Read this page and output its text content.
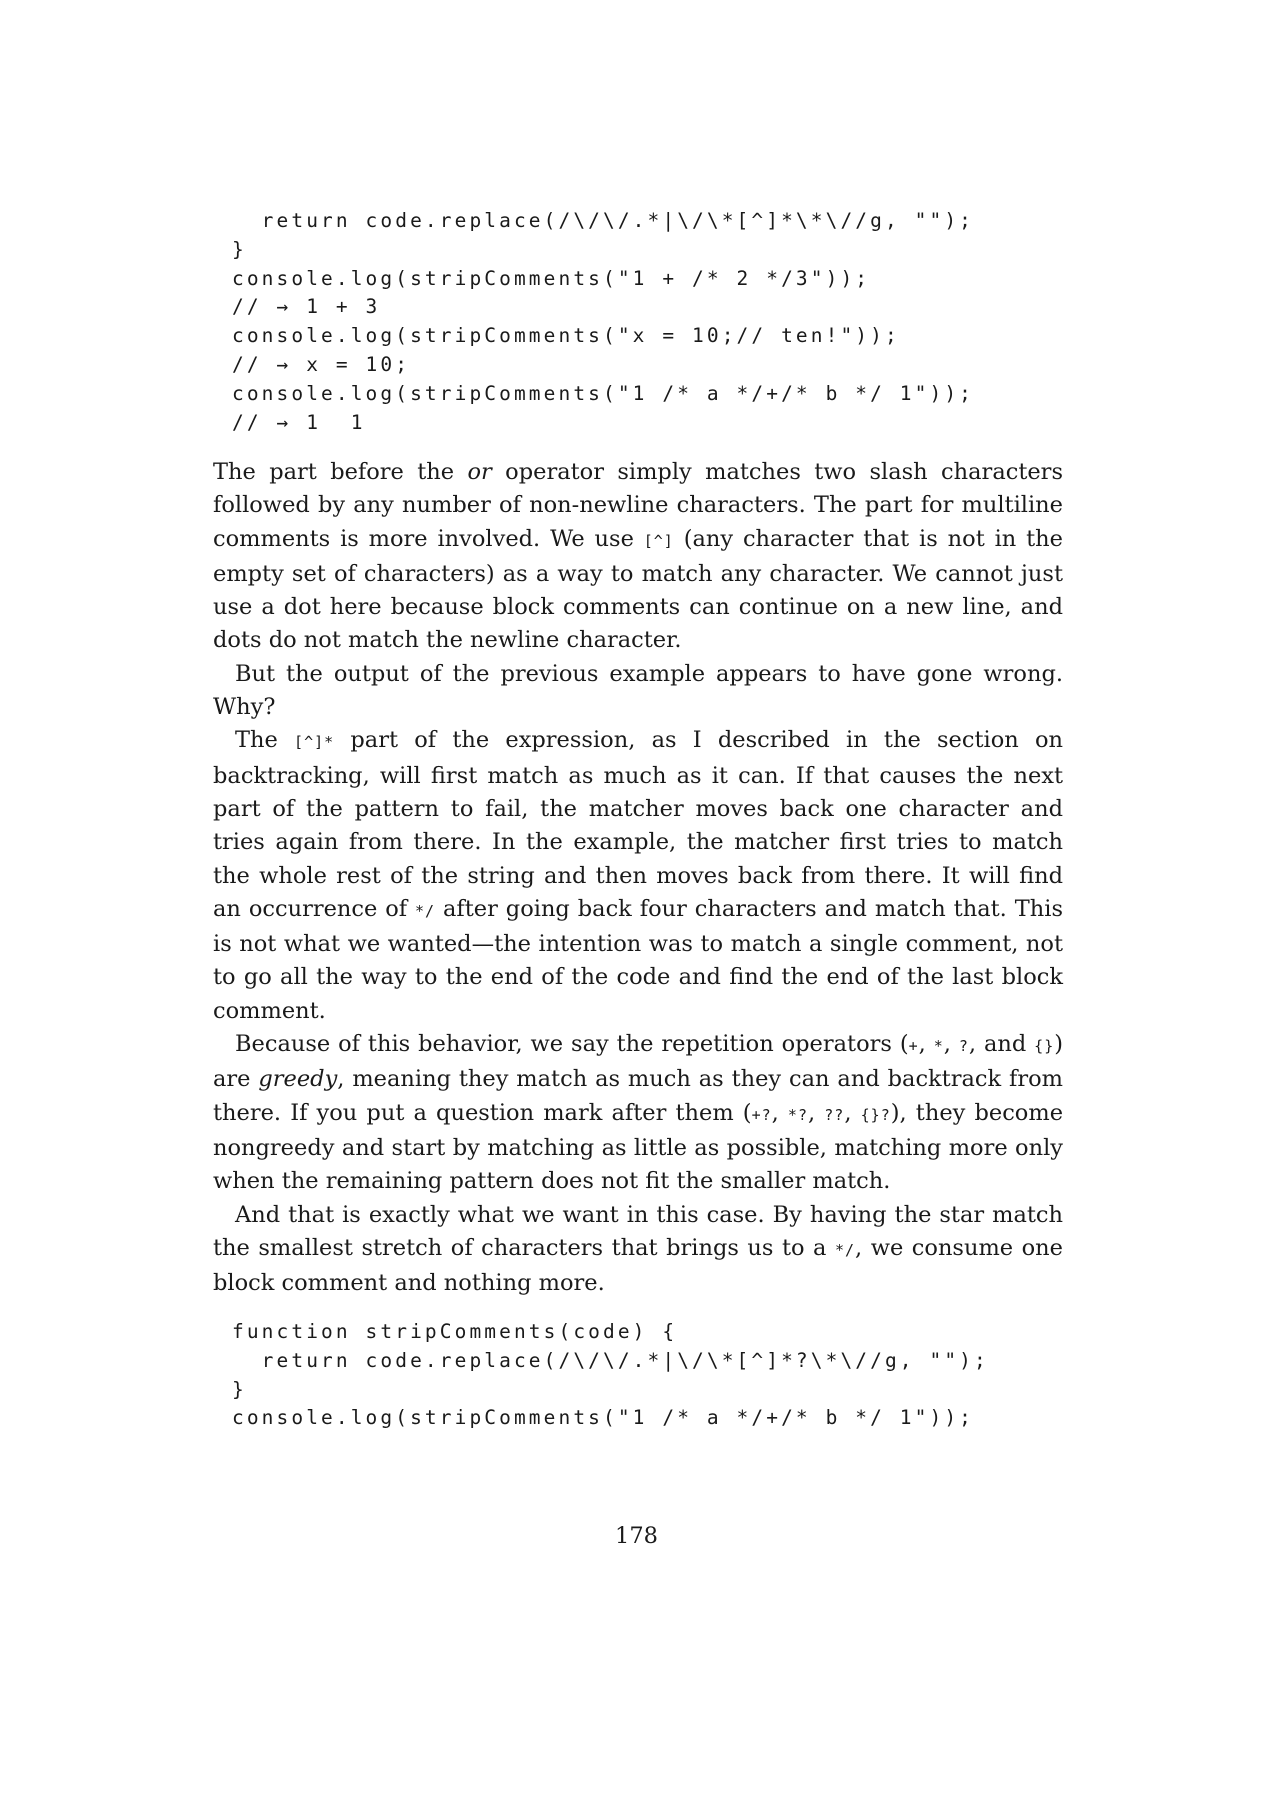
return code.replace(/\/\/.*|\/\*[^]*\*\//g, "");
}
console.log(stripComments("1 + /* 2 */3"));
// → 1 + 3
console.log(stripComments("x = 10;// ten!"));
// → x = 10;
console.log(stripComments("1 /* a */+/* b */ 1"));
// → 1  1

The part before the or operator simply matches two slash characters followed by any number of non-newline characters. The part for multiline comments is more involved. We use [^] (any character that is not in the empty set of characters) as a way to match any character. We cannot just use a dot here because block comments can continue on a new line, and dots do not match the newline character.

But the output of the previous example appears to have gone wrong. Why?

The [^]* part of the expression, as I described in the section on backtracking, will first match as much as it can. If that causes the next part of the pattern to fail, the matcher moves back one character and tries again from there. In the example, the matcher first tries to match the whole rest of the string and then moves back from there. It will find an occurrence of */ after going back four characters and match that. This is not what we wanted—the intention was to match a single comment, not to go all the way to the end of the code and find the end of the last block comment.

Because of this behavior, we say the repetition operators (+, *, ?, and {}) are greedy, meaning they match as much as they can and backtrack from there. If you put a question mark after them (+?, *?, ??, {}?), they become nongreedy and start by matching as little as possible, matching more only when the remaining pattern does not fit the smaller match.

And that is exactly what we want in this case. By having the star match the smallest stretch of characters that brings us to a */, we consume one block comment and nothing more.

function stripComments(code) {
return code.replace(/\/\/.*|\/\*[^]*?\*\//g, "");
}
console.log(stripComments("1 /* a */+/* b */ 1"));
178
